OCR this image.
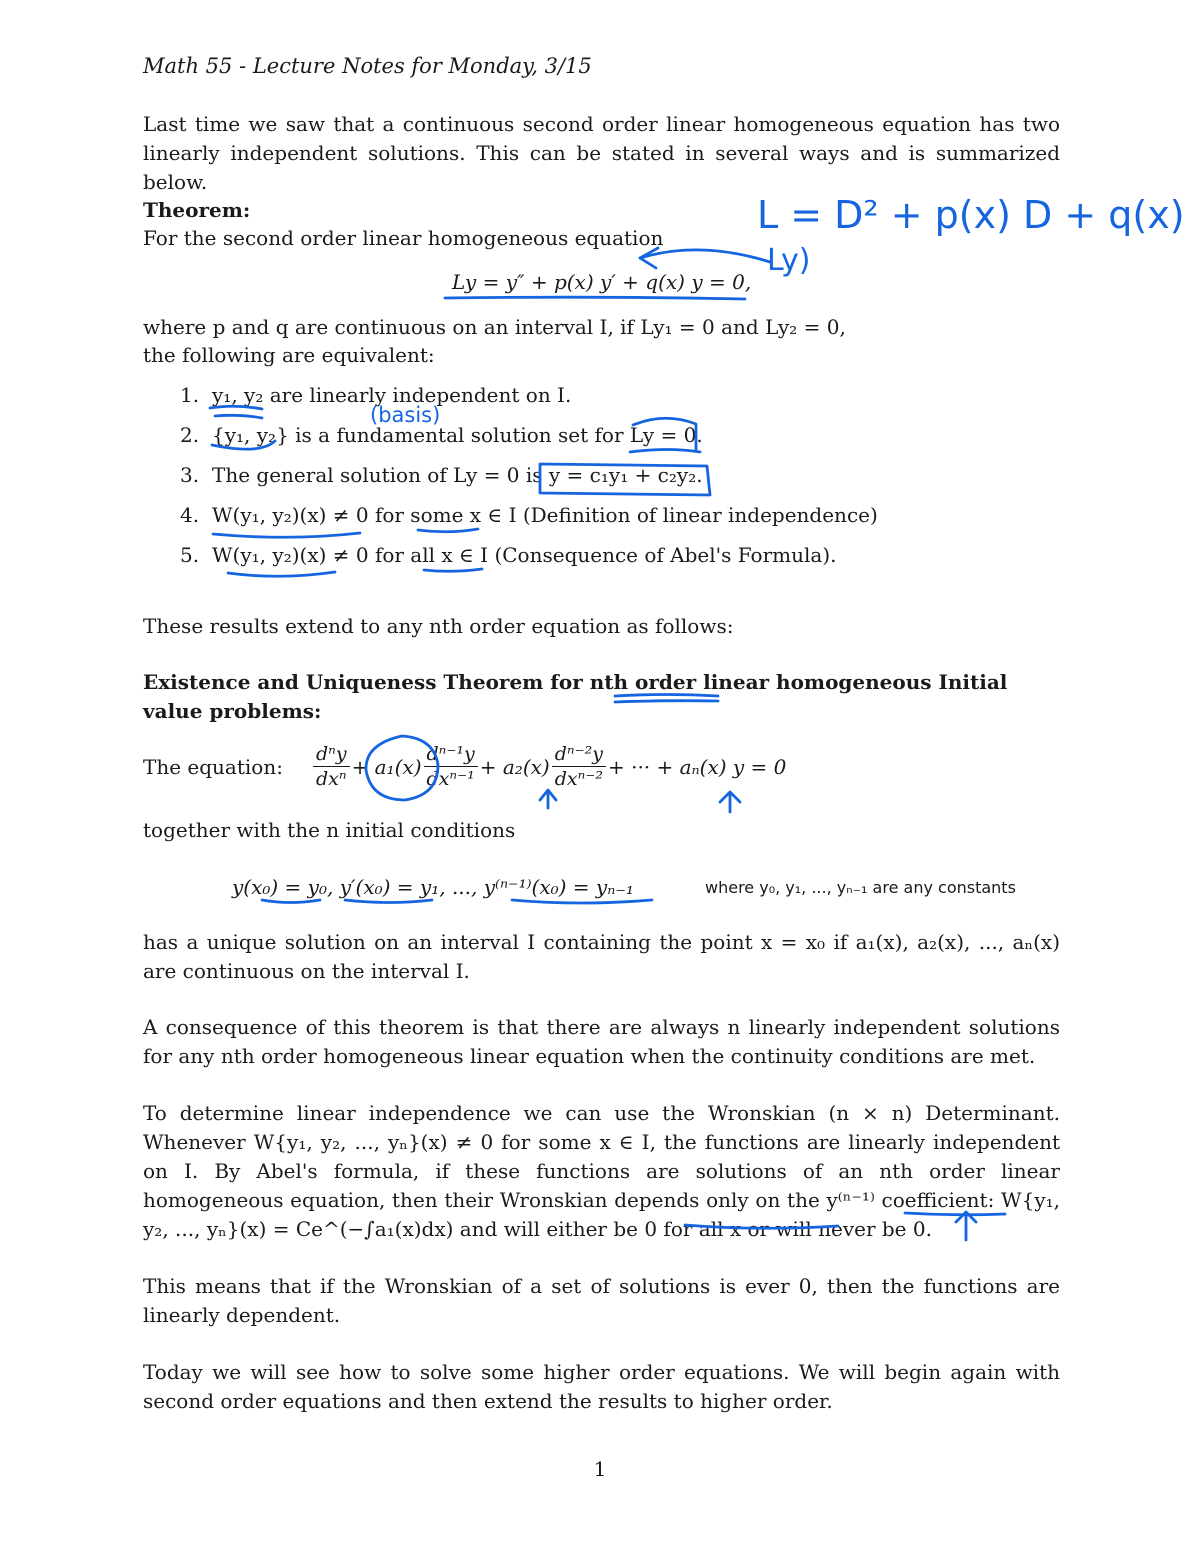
Math 55 - Lecture Notes for Monday, 3/15
Last time we saw that a continuous second order linear homogeneous equation has two linearly independent solutions. This can be stated in several ways and is summarized below.
Theorem:
For the second order linear homogeneous equation
Ly = y″ + p(x) y′ + q(x) y = 0,
where p and q are continuous on an interval I, if Ly₁ = 0 and Ly₂ = 0,
the following are equivalent:
1. y₁, y₂ are linearly independent on I.
2. {y₁, y₂} is a fundamental solution set for Ly = 0.
3. The general solution of Ly = 0 is y = c₁y₁ + c₂y₂.
4. W(y₁, y₂)(x) ≠ 0 for some x ∈ I (Definition of linear independence)
5. W(y₁, y₂)(x) ≠ 0 for all x ∈ I (Consequence of Abel's Formula).
These results extend to any nth order equation as follows:
Existence and Uniqueness Theorem for nth order linear homogeneous Initial value problems:
The equation: $\frac{\text{dⁿy}}{\text{dxⁿ}} + a_1(x) \frac{\text{dⁿ⁻¹y}}{\text{dxⁿ⁻¹}} + a_2(x) \frac{\text{dⁿ⁻²y}}{\text{dxⁿ⁻²}}$ + ··· + aₙ(x) y = 0
together with the n initial conditions
y(x₀) = y₀, y′(x₀) = y₁, ..., y⁽ⁿ⁻¹⁾(x₀) = yₙ₋₁	where y₀, y₁, ..., yₙ₋₁ are any constants
has a unique solution on an interval I containing the point x = x₀ if a₁(x), a₂(x), ..., aₙ(x) are continuous on the interval I.
A consequence of this theorem is that there are always n linearly independent solutions for any nth order homogeneous linear equation when the continuity conditions are met.
To determine linear independence we can use the Wronskian (n × n) Determinant. Whenever W{y₁, y₂, ..., yₙ}(x) ≠ 0 for some x ∈ I, the functions are linearly independent on I. By Abel's formula, if these functions are solutions of an nth order linear homogeneous equation, then their Wronskian depends only on the y⁽ⁿ⁻¹⁾ coefficient: W{y₁, y₂, ..., yₙ}(x) = Ce^(−∫a₁(x)dx) and will either be 0 for all x or will never be 0.
This means that if the Wronskian of a set of solutions is ever 0, then the functions are linearly dependent.
Today we will see how to solve some higher order equations. We will begin again with second order equations and then extend the results to higher order.
1
L = D² + p(x) D + q(x)
Ly)
(basis)
